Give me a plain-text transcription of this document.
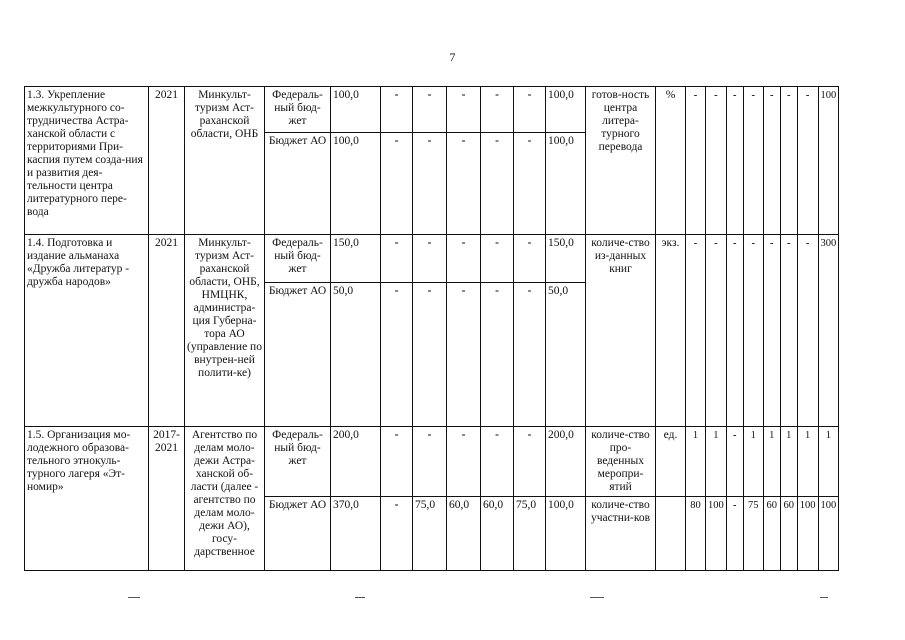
7
1.3. Укрепление межкультурного со-трудничества Астра-ханской области с территориями При-каспия путем созда-ния и развития дея-тельности центра литературного пере-вода	2021	Минкульт-туризм Аст-раханской области, ОНБ	Федераль-ный бюд-жет	100,0	-	-	-	-	-	100,0	готов-ность центра литера-турного перевода	%	-	-	-	-	-	-	-	100
			Бюджет АО	100,0	-	-	-	-	-	100,0										
1.4. Подготовка и издание альманаха «Дружба литератур - дружба народов»	2021	Минкульт-туризм Аст-раханской области, ОНБ, НМЦНК, администра-ция Губерна-тора АО (управление по внутрен-ней полити-ке)	Федераль-ный бюд-жет	150,0	-	-	-	-	-	150,0	количе-ство из-данных книг	экз.	-	-	-	-	-	-	-	300
			Бюджет АО	50,0	-	-	-	-	-	50,0										
1.5. Организация мо-лодежного образова-тельного этнокуль-турного лагеря «Эт-номир»	2017-2021	Агентство по делам моло-дежи Астра-ханской об-ласти (далее - агентство по делам моло-дежи АО), госу-дарственное	Федераль-ный бюд-жет	200,0	-	-	-	-	-	200,0	количе-ство про-веденных меропри-ятий	ед.	1	1	-	1	1	1	1	1
			Бюджет АО	370,0	-	75,0	60,0	60,0	75,0	100,0	количе-ство участни-ков		80	100	-	75	60	60	100	100
